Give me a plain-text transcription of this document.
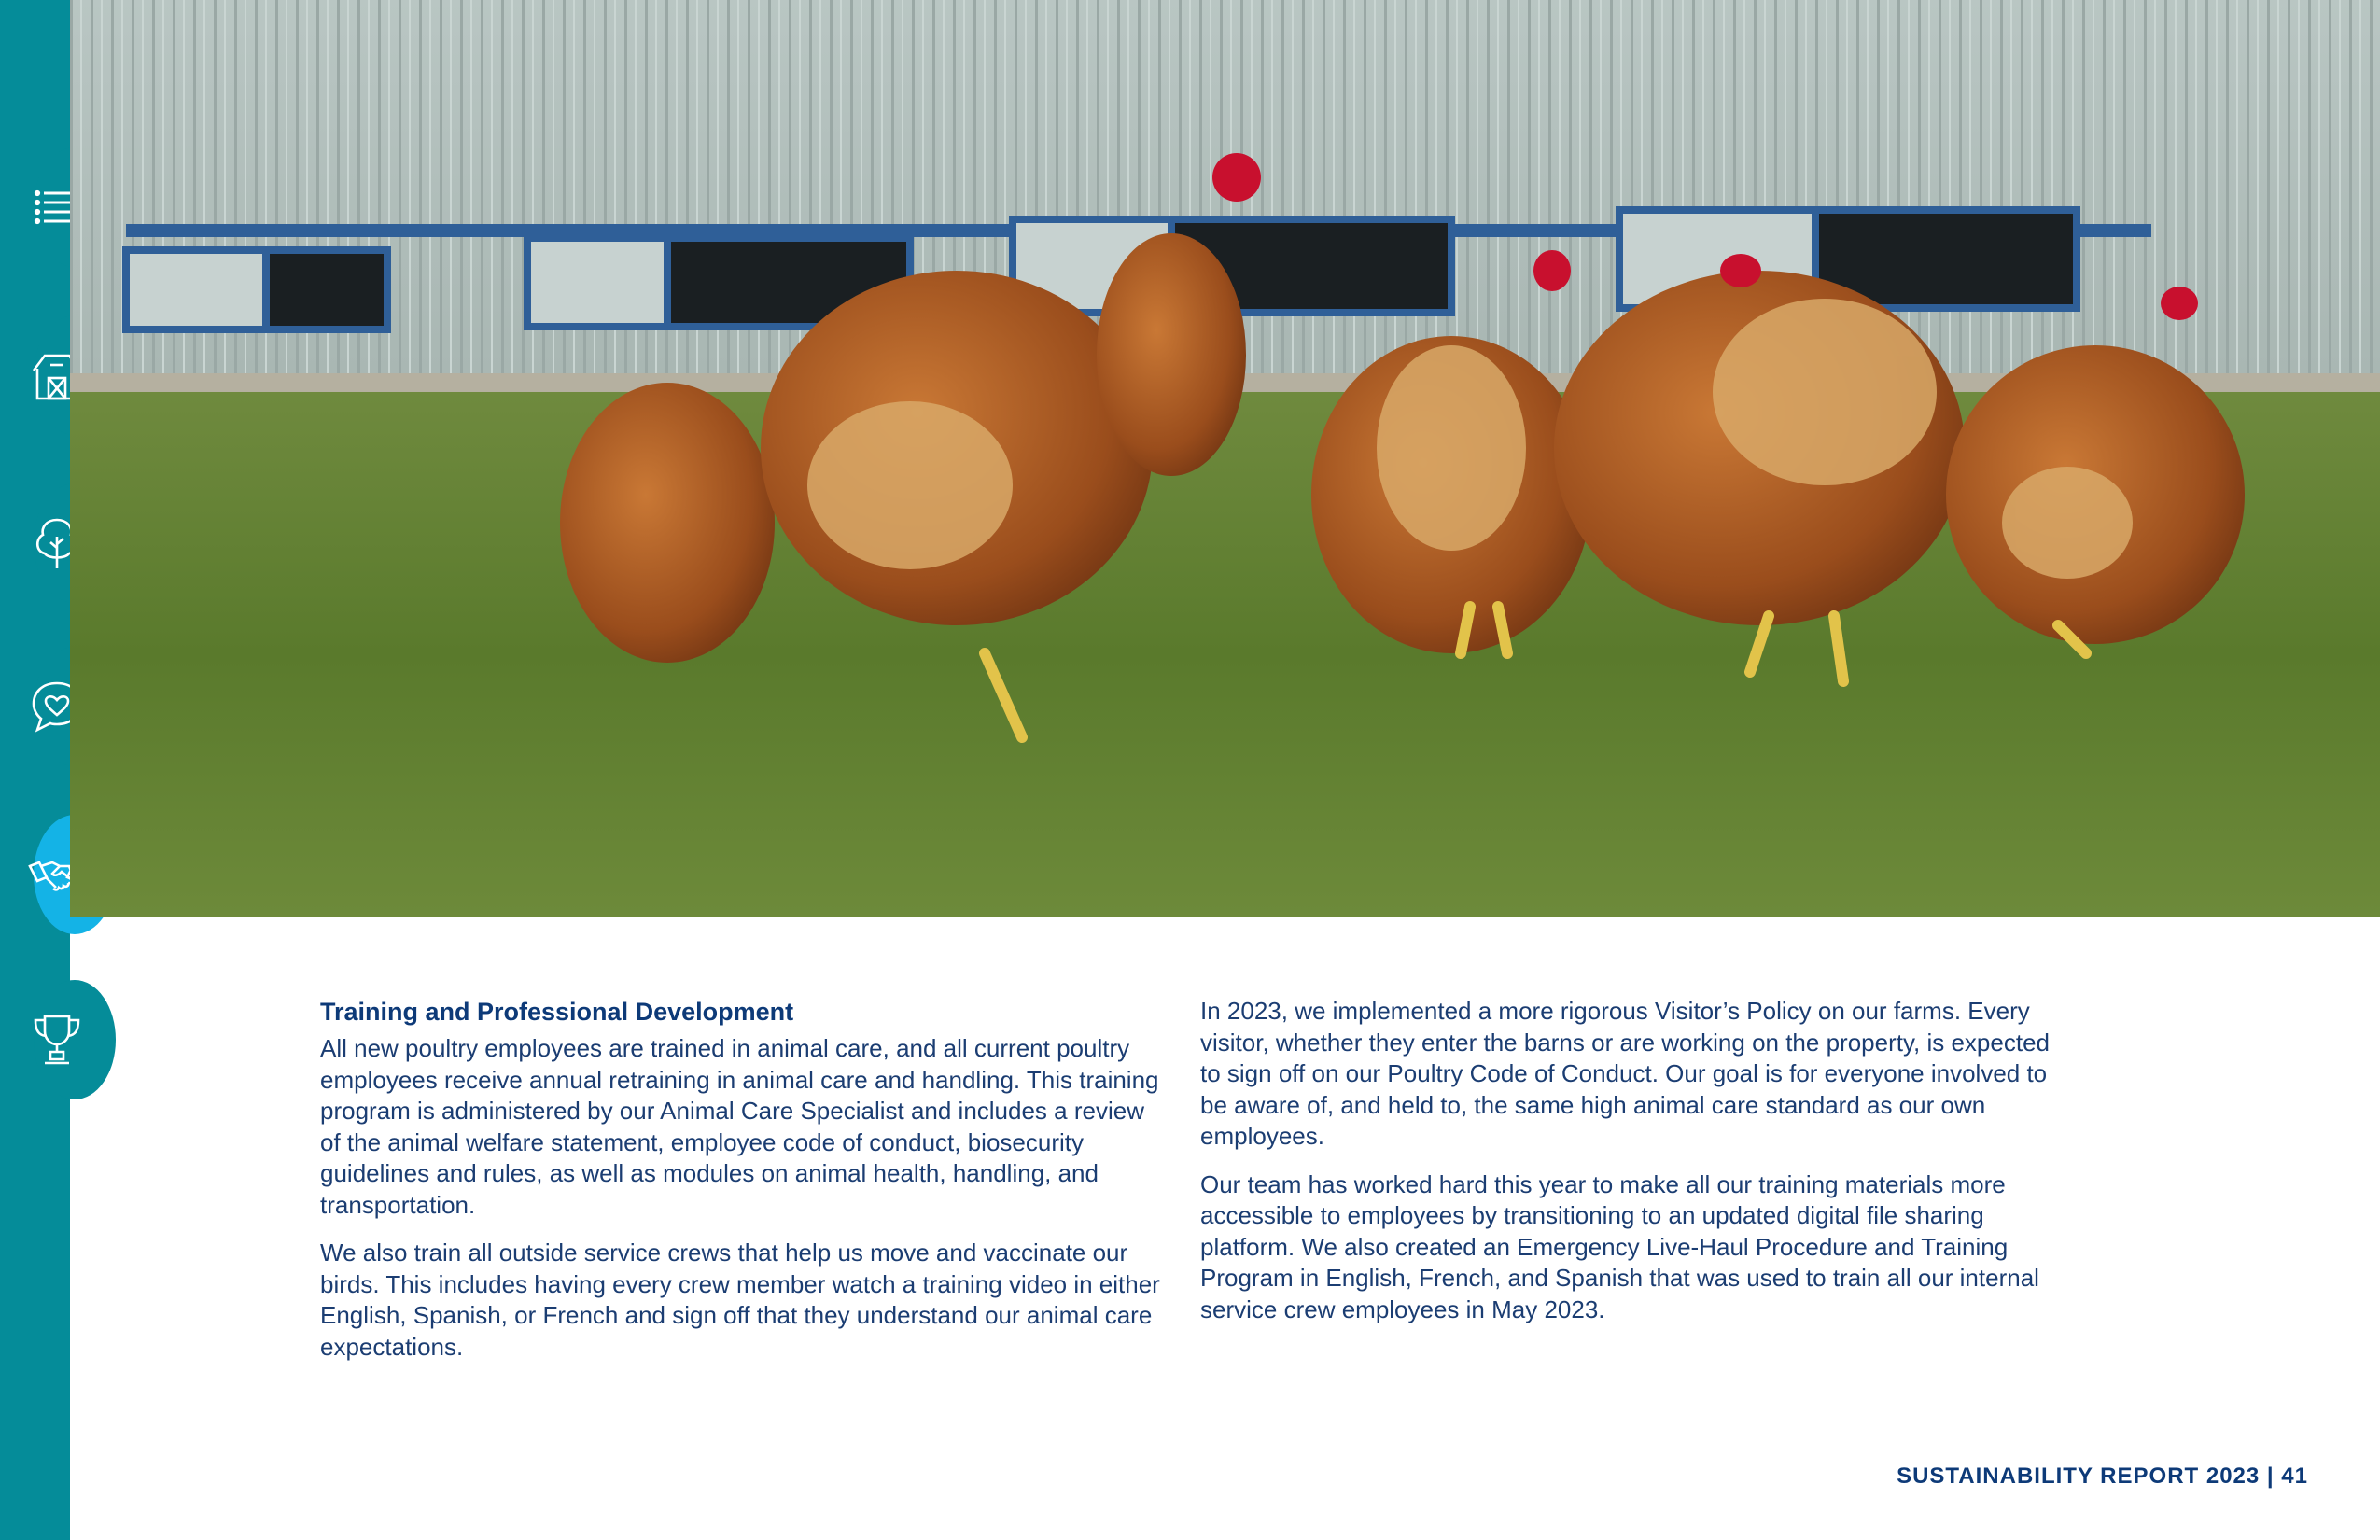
Training and Professional Development

All new poultry employees are trained in animal care, and all current poultry employees receive annual retraining in animal care and handling. This training program is administered by our Animal Care Specialist and includes a review of the animal welfare statement, employee code of conduct, biosecurity guidelines and rules, as well as modules on animal health, handling, and transportation.

We also train all outside service crews that help us move and vaccinate our birds. This includes having every crew member watch a training video in either English, Spanish, or French and sign off that they understand our animal care expectations.

In 2023, we implemented a more rigorous Visitor’s Policy on our farms. Every visitor, whether they enter the barns or are working on the property, is expected to sign off on our Poultry Code of Conduct. Our goal is for everyone involved to be aware of, and held to, the same high animal care standard as our own employees.

Our team has worked hard this year to make all our training materials more accessible to employees by transitioning to an updated digital file sharing platform. We also created an Emergency Live-Haul Procedure and Training Program in English, French, and Spanish that was used to train all our internal service crew employees in May 2023.

SUSTAINABILITY REPORT 2023 | 41
